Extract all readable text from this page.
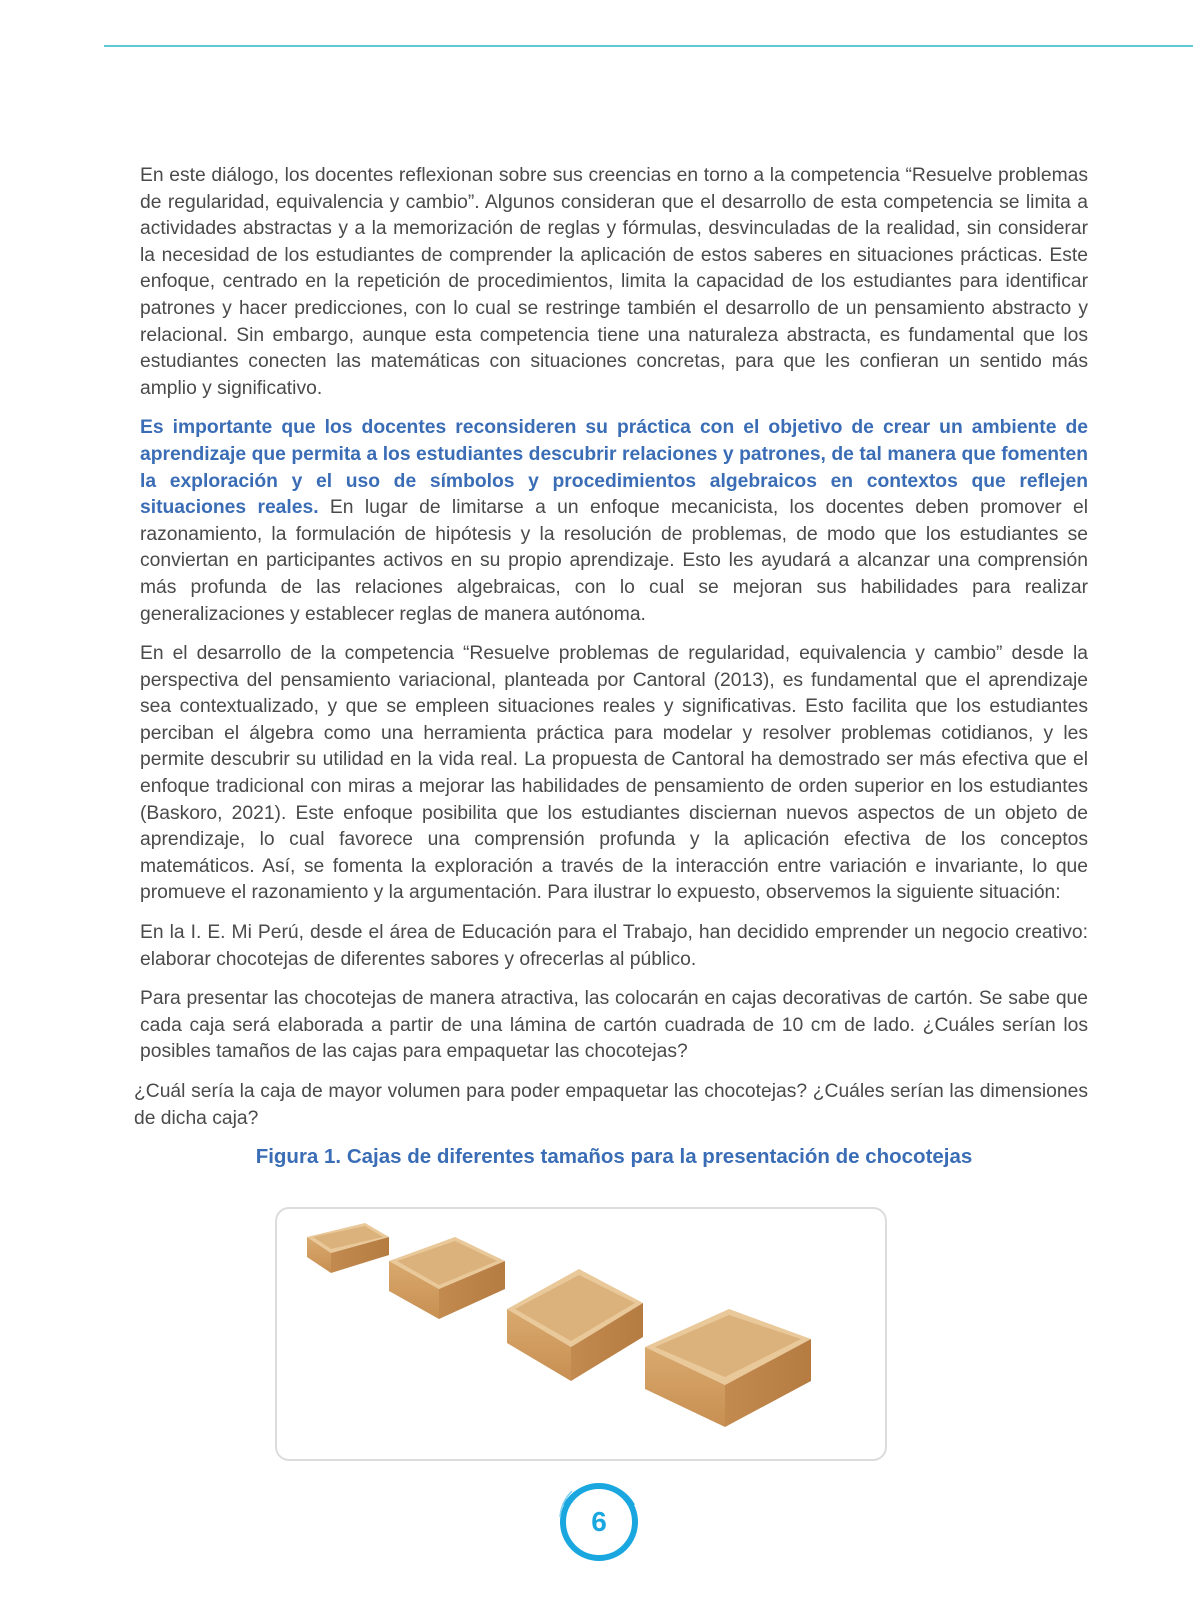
En este diálogo, los docentes reflexionan sobre sus creencias en torno a la competencia “Resuelve problemas de regularidad, equivalencia y cambio”. Algunos consideran que el desarrollo de esta competencia se limita a actividades abstractas y a la memorización de reglas y fórmulas, desvinculadas de la realidad, sin considerar la necesidad de los estudiantes de comprender la aplicación de estos saberes en situaciones prácticas. Este enfoque, centrado en la repetición de procedimientos, limita la capacidad de los estudiantes para identificar patrones y hacer predicciones, con lo cual se restringe también el desarrollo de un pensamiento abstracto y relacional. Sin embargo, aunque esta competencia tiene una naturaleza abstracta, es fundamental que los estudiantes conecten las matemáticas con situaciones concretas, para que les confieran un sentido más amplio y significativo.

Es importante que los docentes reconsideren su práctica con el objetivo de crear un ambiente de aprendizaje que permita a los estudiantes descubrir relaciones y patrones, de tal manera que fomenten la exploración y el uso de símbolos y procedimientos algebraicos en contextos que reflejen situaciones reales. En lugar de limitarse a un enfoque mecanicista, los docentes deben promover el razonamiento, la formulación de hipótesis y la resolución de problemas, de modo que los estudiantes se conviertan en participantes activos en su propio aprendizaje. Esto les ayudará a alcanzar una comprensión más profunda de las relaciones algebraicas, con lo cual se mejoran sus habilidades para realizar generalizaciones y establecer reglas de manera autónoma.

En el desarrollo de la competencia “Resuelve problemas de regularidad, equivalencia y cambio” desde la perspectiva del pensamiento variacional, planteada por Cantoral (2013), es fundamental que el aprendizaje sea contextualizado, y que se empleen situaciones reales y significativas. Esto facilita que los estudiantes perciban el álgebra como una herramienta práctica para modelar y resolver problemas cotidianos, y les permite descubrir su utilidad en la vida real. La propuesta de Cantoral ha demostrado ser más efectiva que el enfoque tradicional con miras a mejorar las habilidades de pensamiento de orden superior en los estudiantes (Baskoro, 2021). Este enfoque posibilita que los estudiantes disciernan nuevos aspectos de un objeto de aprendizaje, lo cual favorece una comprensión profunda y la aplicación efectiva de los conceptos matemáticos. Así, se fomenta la exploración a través de la interacción entre variación e invariante, lo que promueve el razonamiento y la argumentación. Para ilustrar lo expuesto, observemos la siguiente situación:

En la I. E. Mi Perú, desde el área de Educación para el Trabajo, han decidido emprender un negocio creativo: elaborar chocotejas de diferentes sabores y ofrecerlas al público.

Para presentar las chocotejas de manera atractiva, las colocarán en cajas decorativas de cartón. Se sabe que cada caja será elaborada a partir de una lámina de cartón cuadrada de 10 cm de lado. ¿Cuáles serían los posibles tamaños de las cajas para empaquetar las chocotejas?

¿Cuál sería la caja de mayor volumen para poder empaquetar las chocotejas? ¿Cuáles serían las dimensiones de dicha caja?

Figura 1. Cajas de diferentes tamaños para la presentación de chocotejas
6
